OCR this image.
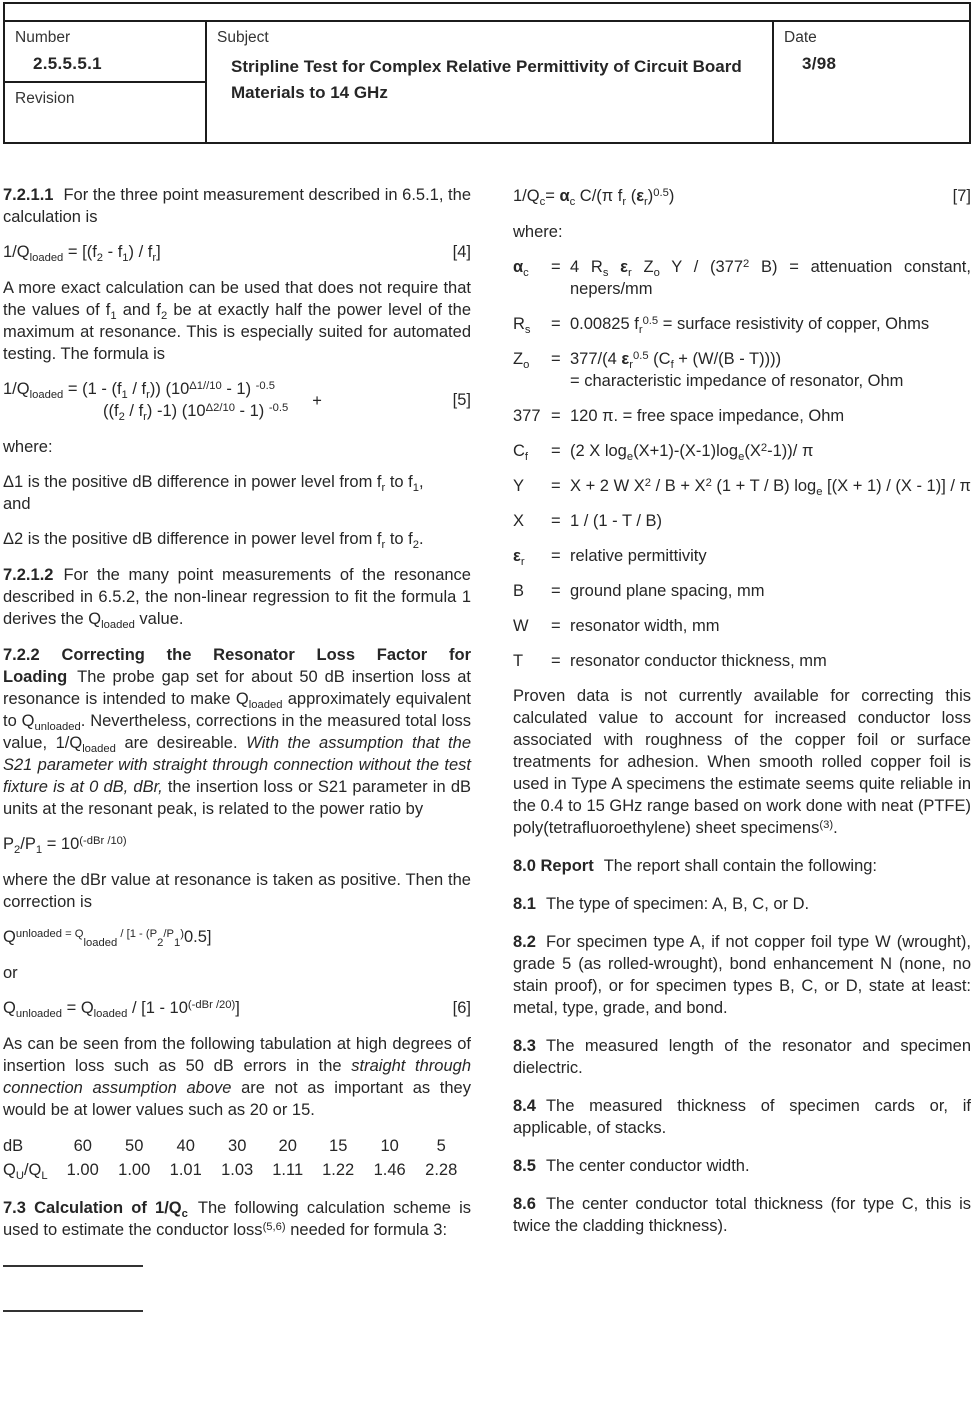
Number
2.5.5.5.1

Subject
Stripline Test for Complex Relative Permittivity of Circuit Board Materials to 14 GHz

Date
3/98

Revision

7.2.1.1 For the three point measurement described in 6.5.1, the calculation is

$1/Q_{loaded} = [(f_2 - f_1) / f_r]$	[4]

A more exact calculation can be used that does not require that the values of $f_1$ and $f_2$ be at exactly half the power level of the maximum at resonance. This is especially suited for automated testing. The formula is

$1/Q_{loaded} = (1 - (f_1 / f_r))$ $(10^{\Delta 1//10} - 1)$ $^{-0.5}$
($(f_2 / f_r)$ -1) $(10^{\Delta 2/10} - 1) ^{-0.5}$ +	[5]

where:

Δ1 is the positive dB difference in power level from $f_r$ to $f_1$,
and

Δ2 is the positive dB difference in power level from $f_r$ to $f_2$.

7.2.1.2 For the many point measurements of the resonance described in 6.5.2, the non-linear regression to fit the formula 1 derives the $Q_{loaded}$ value.

7.2.2 Correcting the Resonator Loss Factor for Loading The probe gap set for about 50 dB insertion loss at resonance is intended to make $Q_{loaded}$ approximately equivalent to $Q_{unloaded}$. Nevertheless, corrections in the measured total loss value, $1/Q_{loaded}$ are desireable. With the assumption that the S21 parameter with straight through connection without the test fixture is at 0 dB, dBr, the insertion loss or S21 parameter in dB units at the resonant peak, is related to the power ratio by

$P_2/P_1 = 10^{(-dBr /10)}$

where the dBr value at resonance is taken as positive. Then the correction is

$Q^{unloaded = Q}_{loaded}$ $^{/ [1 - (P}_2^{/P}_1$)0.5]

or

$Q_{unloaded} = Q_{loaded} / [1 - 10^{(-dBr /20)}]$	[6]

As can be seen from the following tabulation at high degrees of insertion loss such as 50 dB errors in the straight through connection assumption above are not as important as they would be at lower values such as 20 or 15.

dB	60	50	40	30	20	15	10	5
$Q_U/Q_L$	1.00	1.00	1.01	1.03	1.11	1.22	1.46	2.28

7.3 Calculation of $1/Q_c$ The following calculation scheme is used to estimate the conductor loss$^{(5,6)}$ needed for formula 3:

$1/Q_c= \alpha_c$ C/(π $f_r$ $(\varepsilon_r)^{0.5}$)	[7]

where:

$\alpha_c$	= 4 $R_s$ $\varepsilon_r$ $Z_o$ Y / ($377^2$ B) = attenuation constant, nepers/mm
$R_s$	= 0.00825 $f_r^{0.5}$ = surface resistivity of copper, Ohms
$Z_o$	= 377/(4 $\varepsilon_r^{0.5}$ $(C_f + (W/(B - T)))$)
= characteristic impedance of resonator, Ohm
377 = 120 π. = free space impedance, Ohm
$C_f$	= (2 X $\log_e(X+1)-(X-1)\log_e(X^2-1))/$ π
Y	= X + 2 W $X^2 / B + X^2$ (1 + T / B) $\log_e [(X + 1) / (X - 1)] / \pi$
X	= 1 / (1 - T / B)
$\varepsilon_r$	= relative permittivity
B	= ground plane spacing, mm
W	= resonator width, mm
T	= resonator conductor thickness, mm

Proven data is not currently available for correcting this calculated value to account for increased conductor loss associated with roughness of the copper foil or surface treatments for adhesion. When smooth rolled copper foil is used in Type A specimens the estimate seems quite reliable in the 0.4 to 15 GHz range based on work done with neat (PTFE) poly(tetrafluoroethylene) sheet specimens$^{(3)}$.

8.0 Report The report shall contain the following:

8.1 The type of specimen: A, B, C, or D.

8.2 For specimen type A, if not copper foil type W (wrought), grade 5 (as rolled-wrought), bond enhancement N (none, no stain proof), or for specimen types B, C, or D, state at least: metal, type, grade, and bond.

8.3 The measured length of the resonator and specimen dielectric.

8.4 The measured thickness of specimen cards or, if applicable, of stacks.

8.5 The center conductor width.

8.6 The center conductor total thickness (for type C, this is twice the cladding thickness).
